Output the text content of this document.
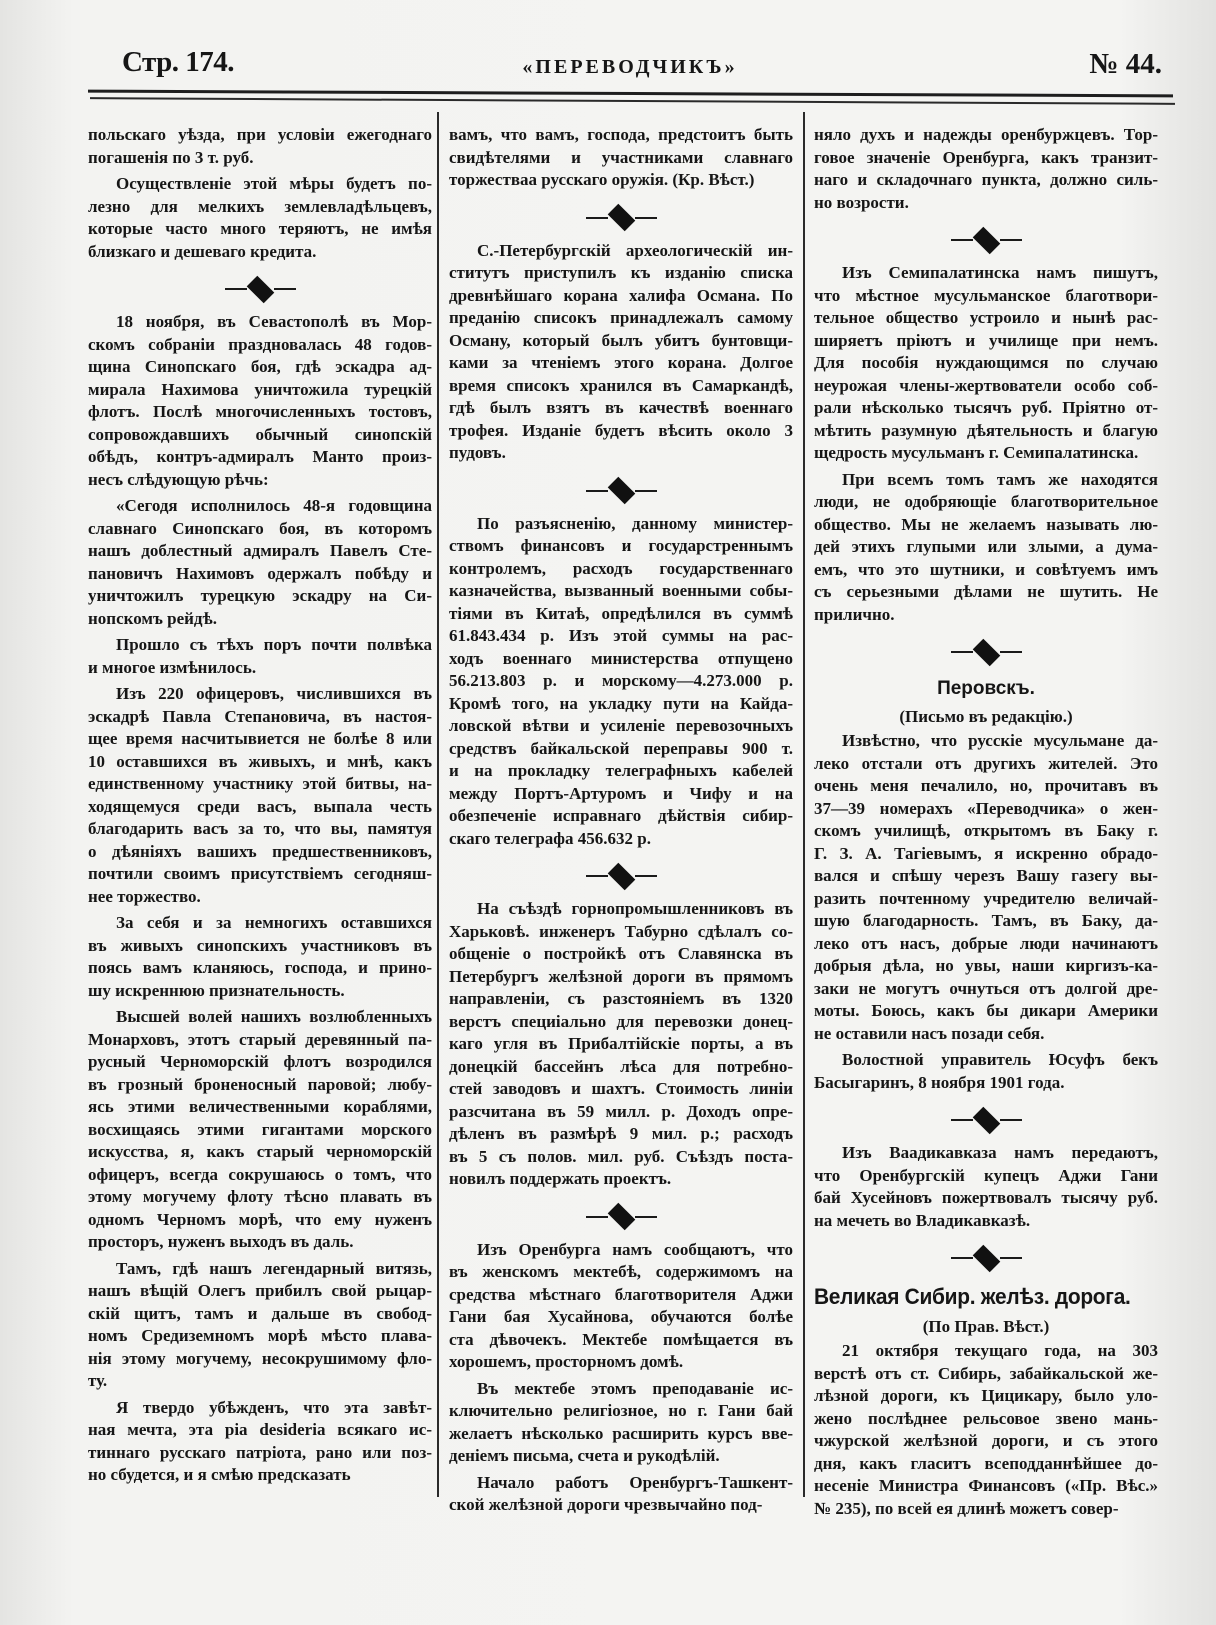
Стр. 174.	«ПЕРЕВОДЧИКЪ»	№ 44.
польскаго уѣзда, при условіи ежегоднаго
погашенія по 3 т. руб.
Осуществленіе этой мѣры будетъ по-
лезно для мелкихъ землевладѣльцевъ,
которые часто много теряютъ, не имѣя
близкаго и дешеваго кредита.
18 ноября, въ Севастополѣ въ Мор-
скомъ собраніи праздновалась 48 годов-
щина Синопскаго боя, гдѣ эскадра ад-
мирала Нахимова уничтожила турецкій
флотъ. Послѣ многочисленныхъ тостовъ,
сопровождавшихъ обычный синопскій
обѣдъ, контръ-адмиралъ Манто произ-
несъ слѣдующую рѣчь:
«Сегодя исполнилось 48-я годовщина
славнаго Синопскаго боя, въ которомъ
нашъ доблестный адмиралъ Павелъ Сте-
пановичъ Нахимовъ одержалъ побѣду и
уничтожилъ турецкую эскадру на Си-
нопскомъ рейдѣ.
Прошло съ тѣхъ поръ почти полвѣка
и многое измѣнилось.
Изъ 220 офицеровъ, числившихся въ
эскадрѣ Павла Степановича, въ настоя-
щее время насчитывиется не болѣе 8 или
10 оставшихся въ живыхъ, и мнѣ, какъ
единственному участнику этой битвы, на-
ходящемуся среди васъ, выпала честь
благодарить васъ за то, что вы, памятуя
о дѣяніяхъ вашихъ предшественниковъ,
почтили своимъ присутствіемъ сегодняш-
нее торжество.
За себя и за немногихъ оставшихся
въ живыхъ синопскихъ участниковъ въ
поясь вамъ кланяюсь, господа, и прино-
шу искреннюю признательность.
Высшей волей нашихъ возлюбленныхъ
Монарховъ, этотъ старый деревянный па-
русный Черноморскій флотъ возродился
въ грозный броненосный паровой; любу-
ясь этими величественными кораблями,
восхищаясь этими гигантами морского
искусства, я, какъ старый черноморскій
офицеръ, всегда сокрушаюсь о томъ, что
этому могучему флоту тѣсно плавать въ
одномъ Черномъ морѣ, что ему нуженъ
просторъ, нуженъ выходъ въ даль.
Тамъ, гдѣ нашъ легендарный витязь,
нашъ вѣщій Олегъ прибилъ свой рыцар-
скій щитъ, тамъ и дальше въ свобод-
номъ Средиземномъ морѣ мѣсто плава-
нія этому могучему, несокрушимому фло-
ту.
Я твердо убѣжденъ, что эта завѣт-
ная мечта, эта pia desideria всякаго ис-
тиннаго русскаго патріота, рано или поз-
но сбудется, и я смѣю предсказать
вамъ, что вамъ, господа, предстоитъ быть
свидѣтелями и участниками славнаго
торжествaа русскаго оружія. (Кр. Вѣст.)
С.-Петербургскій археологическій ин-
ститутъ приступилъ къ изданію списка
древнѣйшаго корана халифа Османа. По
преданію списокъ принадлежалъ самому
Осману, который былъ убитъ бунтовщи-
ками за чтеніемъ этого корана. Долгое
время списокъ хранился въ Самаркандѣ,
гдѣ былъ взятъ въ качествѣ военнаго
трофея. Изданіе будетъ вѣсить около 3
пудовъ.
По разъясненію, данному министер-
ствомъ финансовъ и государстреннымъ
контролемъ, расходъ государственнаго
казначейства, вызванный военными собы-
тіями въ Китаѣ, опредѣлился въ суммѣ
61.843.434 р. Изъ этой суммы на рас-
ходъ военнаго министерства отпущено
56.213.803 р. и морскому—4.273.000 р.
Кромѣ того, на укладку пути на Кайда-
ловской вѣтви и усиленіе перевозочныхъ
средствъ байкальской переправы 900 т.
и на прокладку телеграфныхъ кабелей
между Портъ-Артуромъ и Чифу и на
обезпеченіе исправнаго дѣйствія сибир-
скаго телеграфа 456.632 р.
На съѣздѣ горнопромышленниковъ въ
Харьковѣ. инженеръ Табурно сдѣлалъ со-
общеніе о постройкѣ отъ Славянска въ
Петербургъ желѣзной дороги въ прямомъ
направленіи, съ разстояніемъ въ 1320
верстъ специіально для перевозки донец-
каго угля въ Прибалтійскіе порты, а въ
донецкій бассейнъ лѣса для потребно-
стей заводовъ и шахтъ. Стоимость линіи
разсчитана въ 59 милл. р. Доходъ опре-
дѣленъ въ размѣрѣ 9 мил. р.; расходъ
въ 5 съ полов. мил. руб. Съѣздъ поста-
новилъ поддержать проектъ.
Изъ Оренбурга намъ сообщаютъ, что
въ женскомъ мектебѣ, содержимомъ на
средства мѣстнаго благотворителя Аджи
Гани бая Хусайнова, обучаются болѣе
ста дѣвочекъ. Мектебе помѣщается въ
хорошемъ, просторномъ домѣ.
Въ мектебе этомъ преподаваніе ис-
ключительно религіозное, но г. Гани бай
желаетъ нѣсколько расширить курсъ вве-
деніемъ письма, счета и рукодѣлій.
Начало работъ Оренбургъ-Ташкент-
ской желѣзной дороги чрезвычайно под-
няло духъ и надежды оренбуржцевъ. Тор-
говое значеніе Оренбурга, какъ транзит-
наго и складочнаго пункта, должно силь-
но возрости.
Изъ Семипалатинска намъ пишутъ,
что мѣстное мусульманское благотвори-
тельное общество устроило и нынѣ рас-
ширяетъ пріютъ и училище при немъ.
Для пособія нуждающимся по случаю
неурожая члены-жертвователи особо соб-
рали нѣсколько тысячъ руб. Пріятно от-
мѣтить разумную дѣятельность и благую
щедрость мусульманъ г. Семипалатинска.
При всемъ томъ тамъ же находятся
люди, не одобряющіе благотворительное
общество. Мы не желаемъ называть лю-
дей этихъ глупыми или злыми, а дума-
емъ, что это шутники, и совѣтуемъ имъ
съ серьезными дѣлами не шутить. Не
прилично.
Перовскъ.
(Письмо въ редакцію.)
Извѣстно, что русскіе мусульмане да-
леко отстали отъ другихъ жителей. Это
очень меня печалило, но, прочитавъ въ
37—39 номерахъ «Переводчика» о жен-
скомъ училищѣ, открытомъ въ Баку г.
Г. З. А. Тагіевымъ, я искренно обрадо-
вался и спѣшу черезъ Вашу газегу вы-
разить почтенному учредителю величай-
шую благодарность. Тамъ, въ Баку, да-
леко отъ насъ, добрые люди начинаютъ
добрыя дѣла, но увы, наши киргизъ-ка-
заки не могутъ очнуться отъ долгой дре-
моты. Боюсь, какъ бы дикари Америки
не оставили насъ позади себя.
Волостной управитель Юсуфъ бекъ
Басыгаринъ, 8 ноября 1901 года.
Изъ Ваадикавказа намъ передаютъ,
что Оренбургскій купецъ Аджи Гани
бай Хусейновъ пожертвовалъ тысячу руб.
на мечеть во Владикавказѣ.
Великая Сибир. желѣз. дорога.
(По Прав. Вѣст.)
21 октября текущаго года, на 303
верстѣ отъ ст. Сибирь, забайкальской же-
лѣзной дороги, къ Цицикару, было уло-
жено послѣднее рельсовое звено мань-
чжурской желѣзной дороги, и съ этого
дня, какъ гласитъ всеподданнѣйшее до-
несеніе Министра Финансовъ («Пр. Вѣс.»
№ 235), по всей ея длинѣ можетъ совер-
